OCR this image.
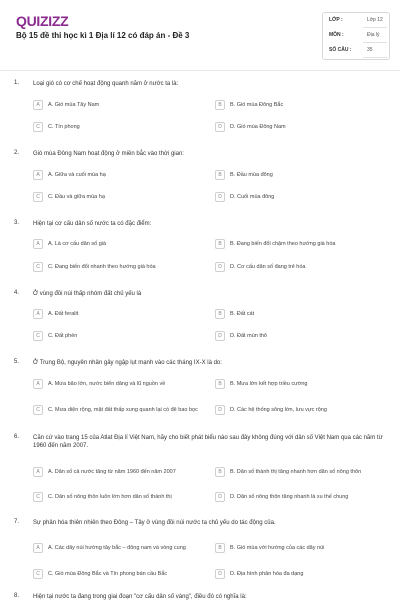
QUIZIZZ
Bộ 15 đề thi học kì 1 Địa lí 12 có đáp án - Đề 3
LỚP :	Lớp 12
MÔN :	Địa lý
SỐ CÂU :	35
1. Loại gió có cơ chế hoạt động quanh năm ở nước ta là:
A	A. Gió mùa Tây Nam	B	B. Gió mùa Đông Bắc
C	C. Tín phong	D	D. Gió mùa Đông Nam
2. Gió mùa Đông Nam hoạt động ở miền bắc vào thời gian:
A	A. Giữa và cuối mùa hạ	B	B. Đầu mùa đông
C	C. Đầu và giữa mùa hạ	D	D. Cuối mùa đông
3. Hiện tại cơ cấu dân số nước ta có đặc điểm:
A	A. Là cơ cấu dân số già	B	B. Đang biến đổi chậm theo hướng già hóa
C	C. Đang biến đổi nhanh theo hướng già hóa	D	D. Cơ cấu dân số đang trẻ hóa
4. Ở vùng đồi núi thấp nhóm đất chủ yếu là
A	A. Đất feralit	B	B. Đất cát
C	C. Đất phèn	D	D. Đất mùn thô
5. Ở Trung Bộ, nguyên nhân gây ngập lụt mạnh vào các tháng IX-X là do:
A	A. Mưa bão lớn, nước biển dâng và lũ nguồn về	B	B. Mưa lớn kết hợp triều cường
C	C. Mưa diện rộng, mặt đất thấp xung quanh lại có đê bao bọc	D	D. Các hệ thống sông lớn, lưu vực rộng
6. Căn cứ vào trang 15 của Atlat Địa lí Việt Nam, hãy cho biết phát biểu nào sau đây không đúng với dân số Việt Nam qua các năm từ 1960 đến năm 2007.
A	A. Dân số cả nước tăng từ năm 1960 đến năm 2007	B	B. Dân số thành thị tăng nhanh hơn dân số nông thôn
C	C. Dân số nông thôn luôn lớn hơn dân số thành thị	D	D. Dân số nông thôn tăng nhanh là xu thế chung
7. Sự phân hóa thiên nhiên theo Đông – Tây ở vùng đồi núi nước ta chủ yếu do tác động của.
A	A. Các dãy núi hướng tây bắc – đông nam và vòng cung	B	B. Gió mùa với hướng của các dãy núi
C	C. Gió mùa Đông Bắc và Tín phong bán cầu Bắc	D	D. Địa hình phân hóa đa dạng
8. Hiện tại nước ta đang trong giai đoạn "cơ cấu dân số vàng", điều đó có nghĩa là:
